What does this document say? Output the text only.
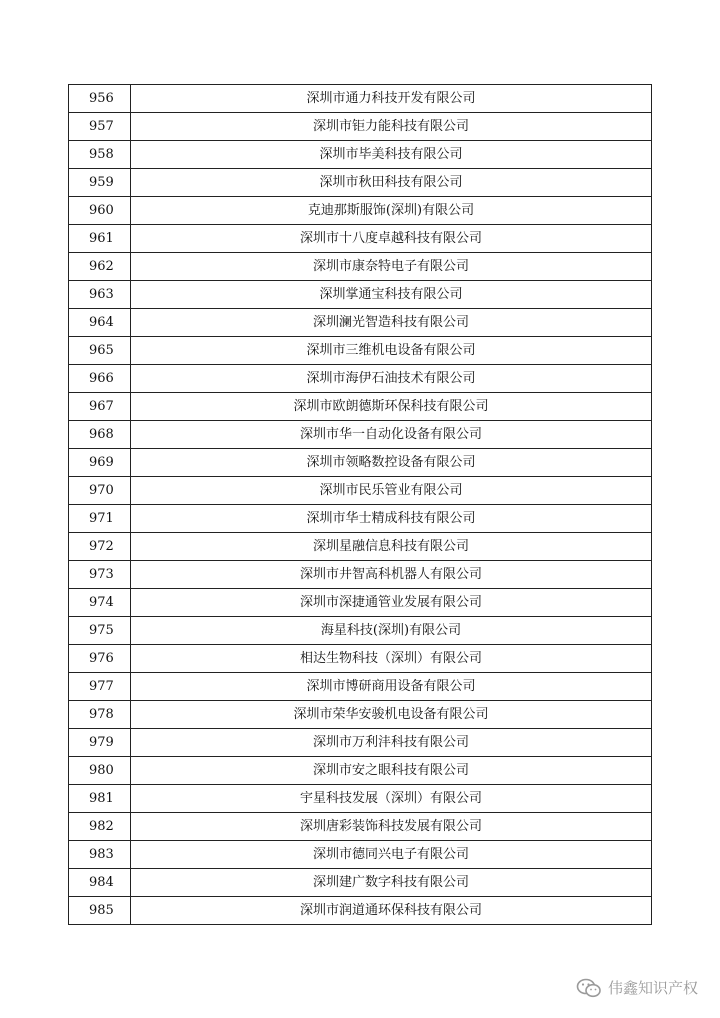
956	深圳市通力科技开发有限公司
957	深圳市钜力能科技有限公司
958	深圳市毕美科技有限公司
959	深圳市秋田科技有限公司
960	克迪那斯服饰(深圳)有限公司
961	深圳市十八度卓越科技有限公司
962	深圳市康奈特电子有限公司
963	深圳掌通宝科技有限公司
964	深圳澜光智造科技有限公司
965	深圳市三维机电设备有限公司
966	深圳市海伊石油技术有限公司
967	深圳市欧朗德斯环保科技有限公司
968	深圳市华一自动化设备有限公司
969	深圳市领略数控设备有限公司
970	深圳市民乐管业有限公司
971	深圳市华士精成科技有限公司
972	深圳星融信息科技有限公司
973	深圳市井智高科机器人有限公司
974	深圳市深捷通管业发展有限公司
975	海星科技(深圳)有限公司
976	相达生物科技（深圳）有限公司
977	深圳市博研商用设备有限公司
978	深圳市荣华安骏机电设备有限公司
979	深圳市万利沣科技有限公司
980	深圳市安之眼科技有限公司
981	宇星科技发展（深圳）有限公司
982	深圳唐彩装饰科技发展有限公司
983	深圳市德同兴电子有限公司
984	深圳建广数字科技有限公司
985	深圳市润道通环保科技有限公司
伟鑫知识产权
